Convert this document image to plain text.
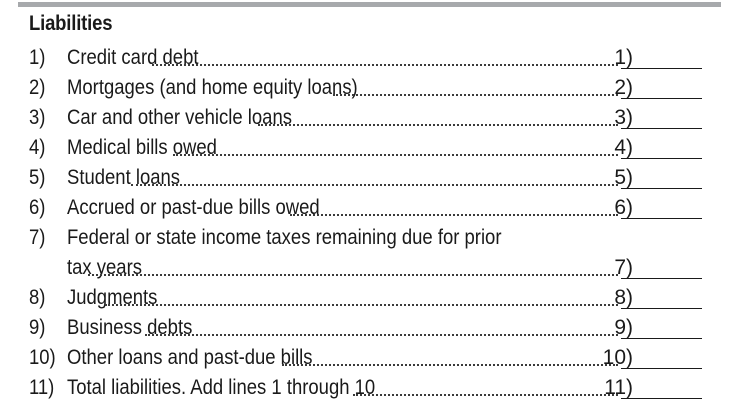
Liabilities
1)	Credit card debt	1)
2)	Mortgages (and home equity loans)	2)
3)	Car and other vehicle loans	3)
4)	Medical bills owed	4)
5)	Student loans	5)
6)	Accrued or past-due bills owed	6)
7)	Federal or state income taxes remaining due for prior
tax years	7)
8)	Judgments	8)
9)	Business debts	9)
10) Other loans and past-due bills	10)
11) Total liabilities. Add lines 1 through 10	11)
